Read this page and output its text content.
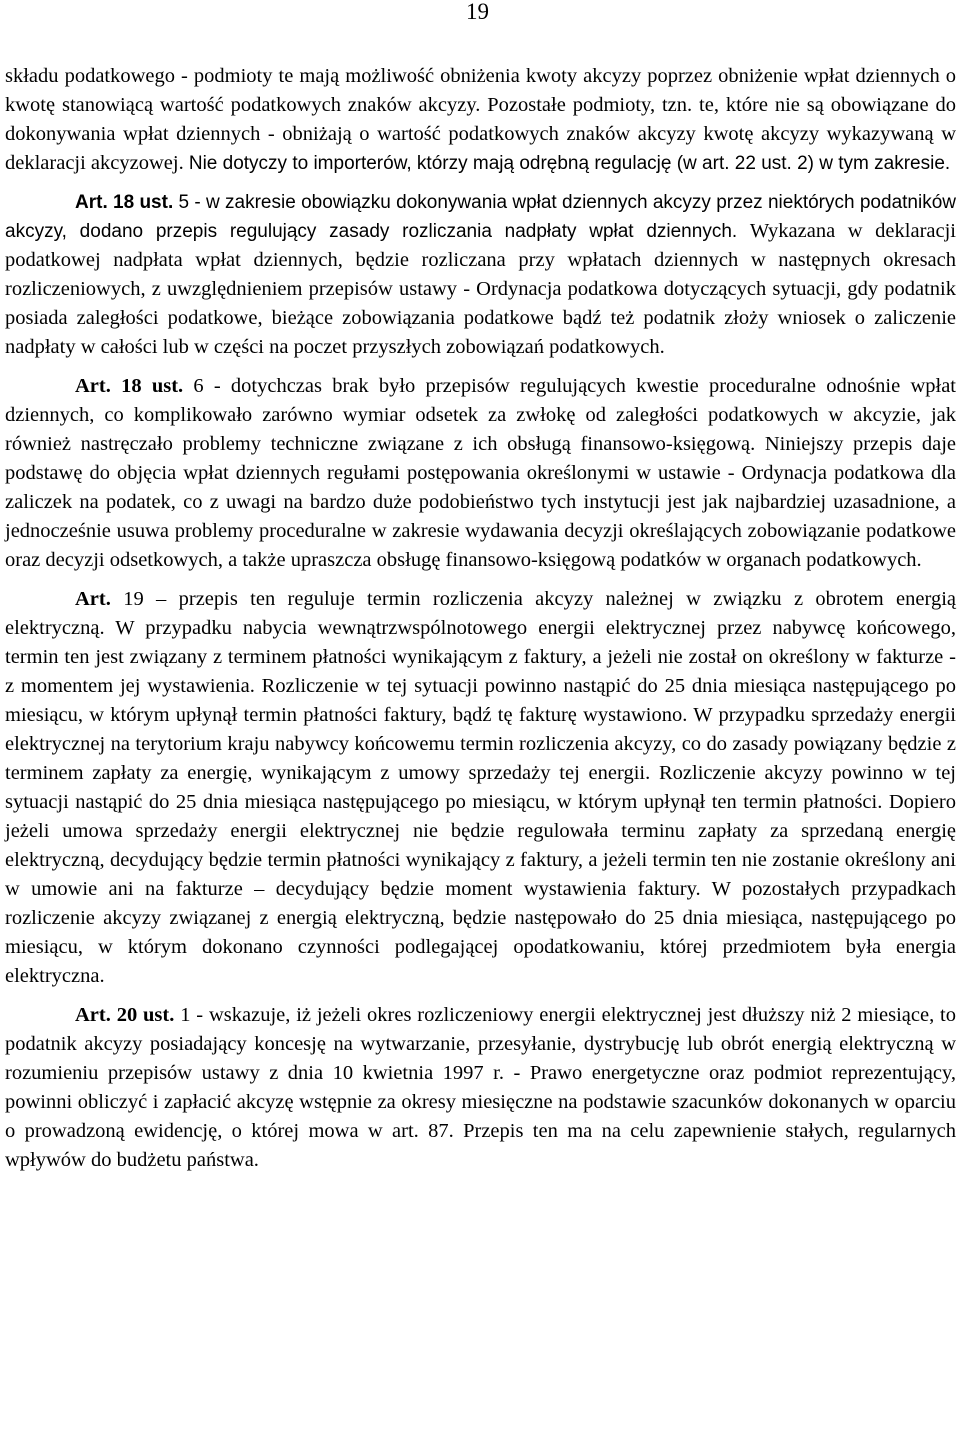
19

składu podatkowego - podmioty te mają możliwość obniżenia kwoty akcyzy poprzez obniżenie wpłat dziennych o kwotę stanowiącą wartość podatkowych znaków akcyzy. Pozostałe podmioty, tzn. te, które nie są obowiązane do dokonywania wpłat dziennych - obniżają o wartość podatkowych znaków akcyzy kwotę akcyzy wykazywaną w deklaracji akcyzowej. Nie dotyczy to importerów, którzy mają odrębną regulację (w art. 22 ust. 2) w tym zakresie.

Art. 18 ust. 5 - w zakresie obowiązku dokonywania wpłat dziennych akcyzy przez niektórych podatników akcyzy, dodano przepis regulujący zasady rozliczania nadpłaty wpłat dziennych. Wykazana w deklaracji podatkowej nadpłata wpłat dziennych, będzie rozliczana przy wpłatach dziennych w następnych okresach rozliczeniowych, z uwzględnieniem przepisów ustawy - Ordynacja podatkowa dotyczących sytuacji, gdy podatnik posiada zaległości podatkowe, bieżące zobowiązania podatkowe bądź też podatnik złoży wniosek o zaliczenie nadpłaty w całości lub w części na poczet przyszłych zobowiązań podatkowych.

Art. 18 ust. 6 - dotychczas brak było przepisów regulujących kwestie proceduralne odnośnie wpłat dziennych, co komplikowało zarówno wymiar odsetek za zwłokę od zaległości podatkowych w akcyzie, jak również nastręczało problemy techniczne związane z ich obsługą finansowo-księgową. Niniejszy przepis daje podstawę do objęcia wpłat dziennych regułami postępowania określonymi w ustawie - Ordynacja podatkowa dla zaliczek na podatek, co z uwagi na bardzo duże podobieństwo tych instytucji jest jak najbardziej uzasadnione, a jednocześnie usuwa problemy proceduralne w zakresie wydawania decyzji określających zobowiązanie podatkowe oraz decyzji odsetkowych, a także upraszcza obsługę finansowo-księgową podatków w organach podatkowych.

Art. 19 – przepis ten reguluje termin rozliczenia akcyzy należnej w związku z obrotem energią elektryczną. W przypadku nabycia wewnątrzwspólnotowego energii elektrycznej przez nabywcę końcowego, termin ten jest związany z terminem płatności wynikającym z faktury, a jeżeli nie został on określony w fakturze - z momentem jej wystawienia. Rozliczenie w tej sytuacji powinno nastąpić do 25 dnia miesiąca następującego po miesiącu, w którym upłynął termin płatności faktury, bądź tę fakturę wystawiono. W przypadku sprzedaży energii elektrycznej na terytorium kraju nabywcy końcowemu termin rozliczenia akcyzy, co do zasady powiązany będzie z terminem zapłaty za energię, wynikającym z umowy sprzedaży tej energii. Rozliczenie akcyzy powinno w tej sytuacji nastąpić do 25 dnia miesiąca następującego po miesiącu, w którym upłynął ten termin płatności. Dopiero jeżeli umowa sprzedaży energii elektrycznej nie będzie regulowała terminu zapłaty za sprzedaną energię elektryczną, decydujący będzie termin płatności wynikający z faktury, a jeżeli termin ten nie zostanie określony ani w umowie ani na fakturze – decydujący będzie moment wystawienia faktury. W pozostałych przypadkach rozliczenie akcyzy związanej z energią elektryczną, będzie następowało do 25 dnia miesiąca, następującego po miesiącu, w którym dokonano czynności podlegającej opodatkowaniu, której przedmiotem była energia elektryczna.

Art. 20 ust. 1 - wskazuje, iż jeżeli okres rozliczeniowy energii elektrycznej jest dłuższy niż 2 miesiące, to podatnik akcyzy posiadający koncesję na wytwarzanie, przesyłanie, dystrybucję lub obrót energią elektryczną w rozumieniu przepisów ustawy z dnia 10 kwietnia 1997 r. - Prawo energetyczne oraz podmiot reprezentujący, powinni obliczyć i zapłacić akcyzę wstępnie za okresy miesięczne na podstawie szacunków dokonanych w oparciu o prowadzoną ewidencję, o której mowa w art. 87. Przepis ten ma na celu zapewnienie stałych, regularnych wpływów do budżetu państwa.
